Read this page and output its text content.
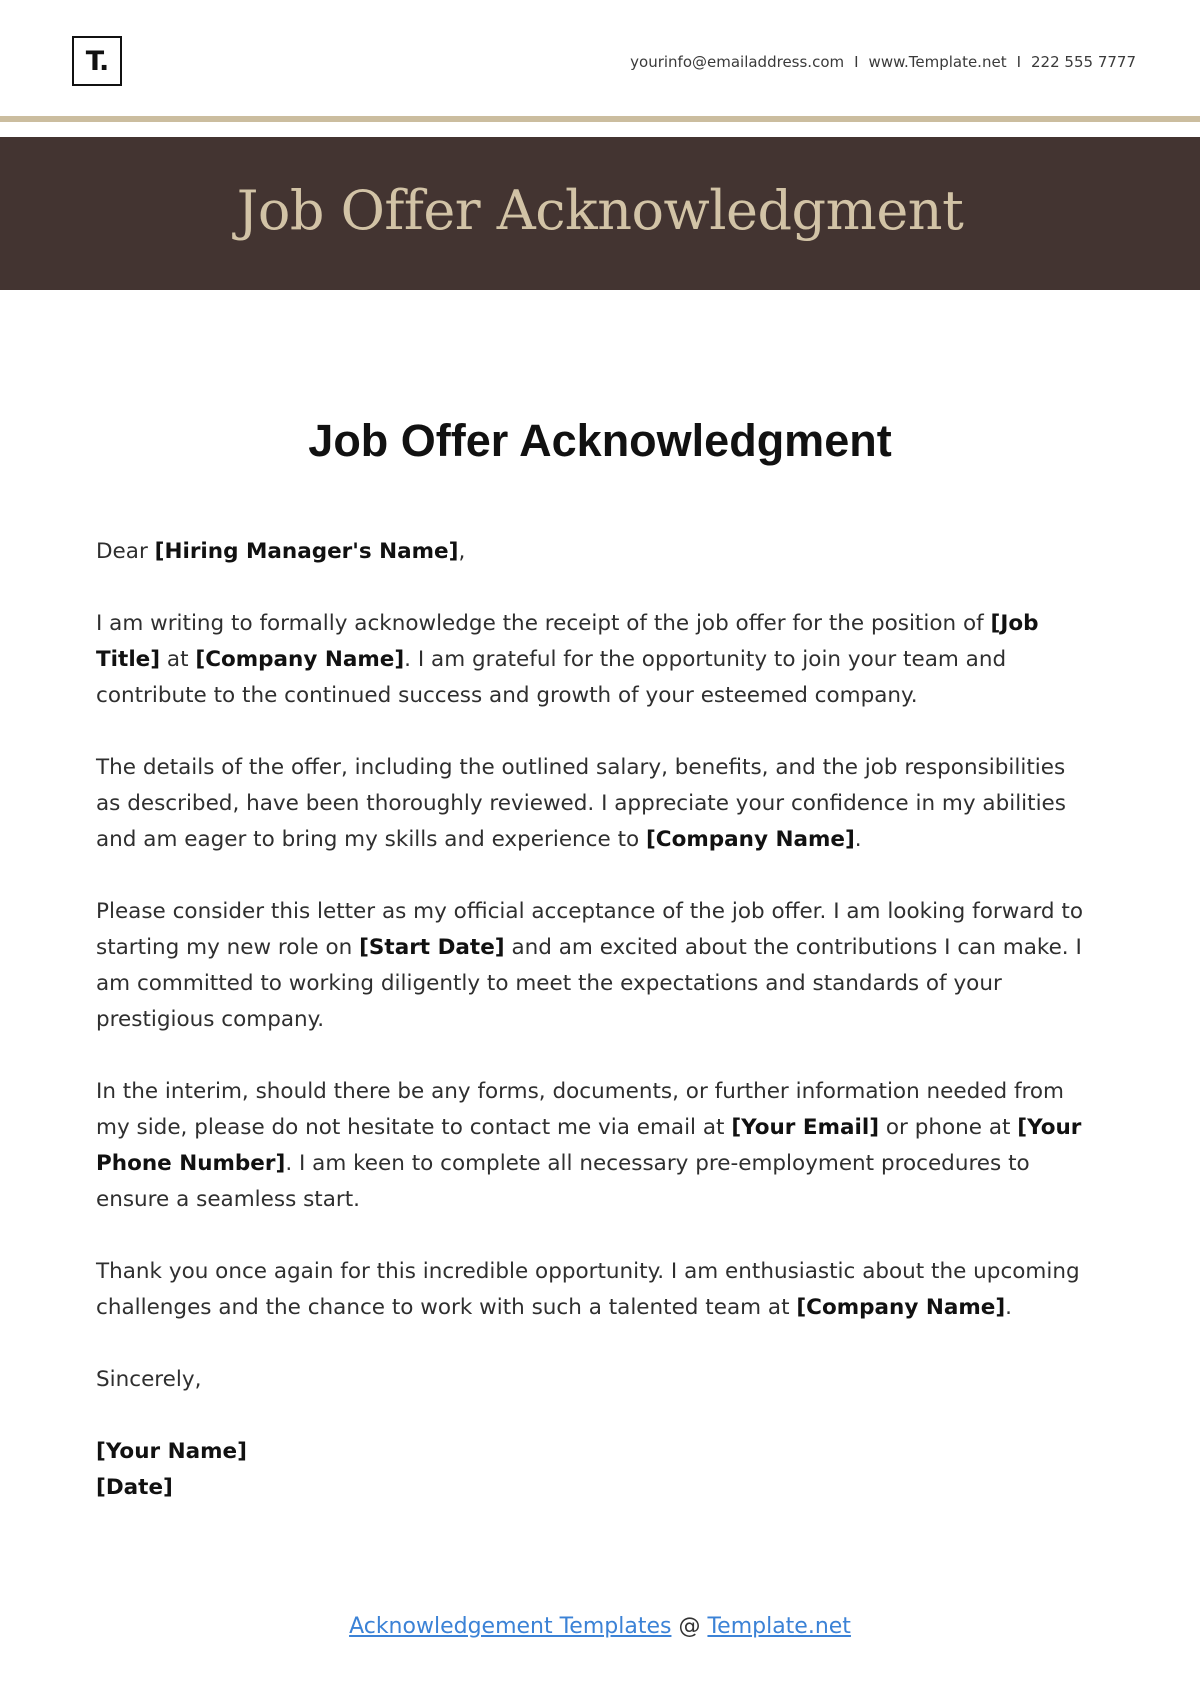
T.	yourinfo@emailaddress.com I www.Template.net I 222 555 7777
Job Offer Acknowledgment
Job Offer Acknowledgment

Dear [Hiring Manager's Name],

I am writing to formally acknowledge the receipt of the job offer for the position of [Job Title] at [Company Name]. I am grateful for the opportunity to join your team and contribute to the continued success and growth of your esteemed company.

The details of the offer, including the outlined salary, benefits, and the job responsibilities as described, have been thoroughly reviewed. I appreciate your confidence in my abilities and am eager to bring my skills and experience to [Company Name].

Please consider this letter as my official acceptance of the job offer. I am looking forward to starting my new role on [Start Date] and am excited about the contributions I can make. I am committed to working diligently to meet the expectations and standards of your prestigious company.

In the interim, should there be any forms, documents, or further information needed from my side, please do not hesitate to contact me via email at [Your Email] or phone at [Your Phone Number]. I am keen to complete all necessary pre-employment procedures to ensure a seamless start.

Thank you once again for this incredible opportunity. I am enthusiastic about the upcoming challenges and the chance to work with such a talented team at [Company Name].

Sincerely,

[Your Name]

[Date]

Acknowledgement Templates @ Template.net
